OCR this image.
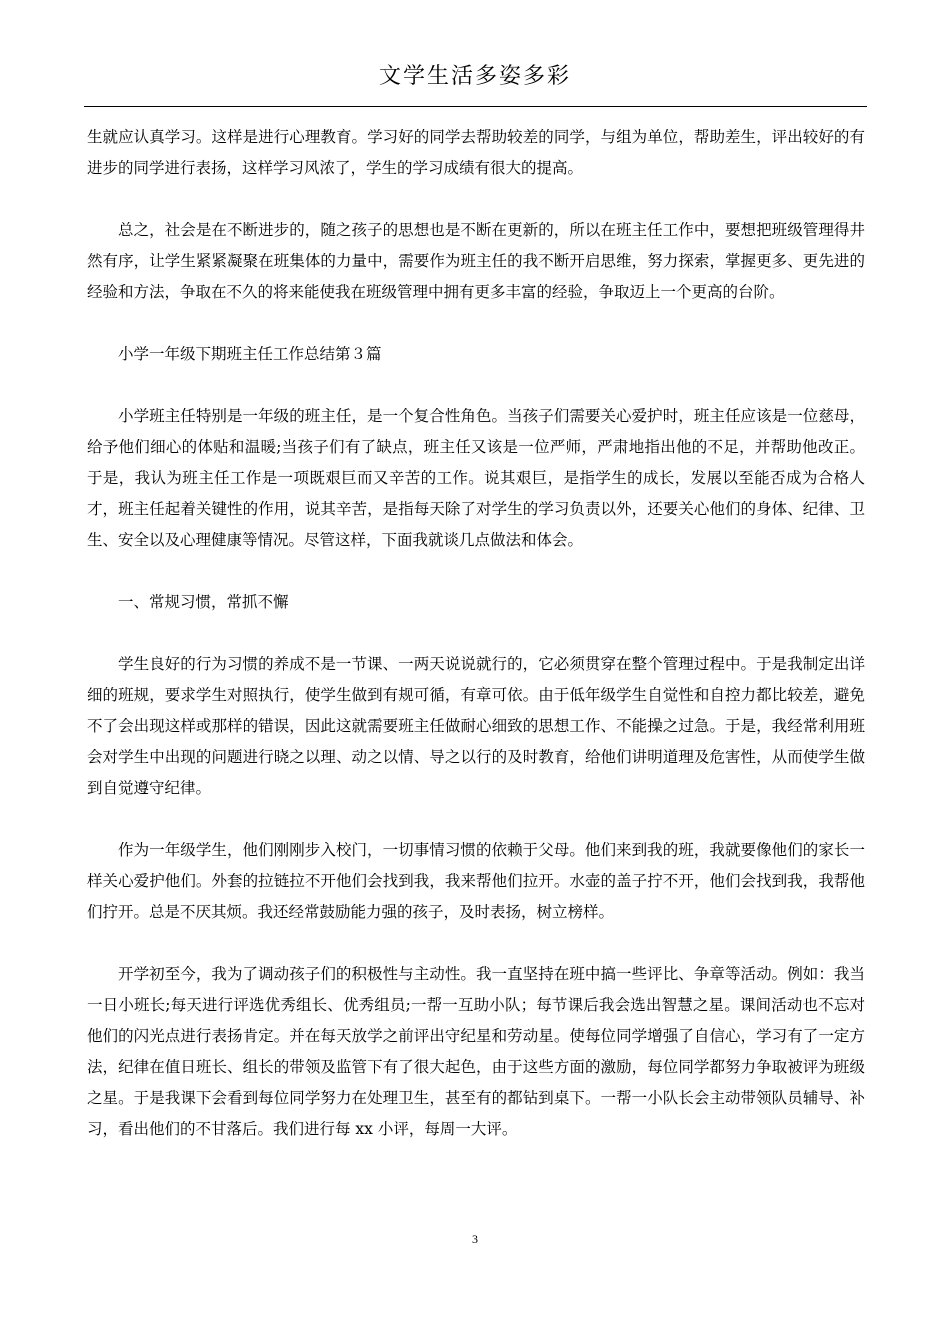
文学生活多姿多彩

生就应认真学习。这样是进行心理教育。学习好的同学去帮助较差的同学，与组为单位，帮助差生，评出较好的有进步的同学进行表扬，这样学习风浓了，学生的学习成绩有很大的提高。

总之，社会是在不断进步的，随之孩子的思想也是不断在更新的，所以在班主任工作中，要想把班级管理得井然有序，让学生紧紧凝聚在班集体的力量中，需要作为班主任的我不断开启思维，努力探索，掌握更多、更先进的经验和方法，争取在不久的将来能使我在班级管理中拥有更多丰富的经验，争取迈上一个更高的台阶。

小学一年级下期班主任工作总结第３篇

小学班主任特别是一年级的班主任，是一个复合性角色。当孩子们需要关心爱护时，班主任应该是一位慈母，给予他们细心的体贴和温暖;当孩子们有了缺点，班主任又该是一位严师，严肃地指出他的不足，并帮助他改正。于是，我认为班主任工作是一项既艰巨而又辛苦的工作。说其艰巨，是指学生的成长，发展以至能否成为合格人才，班主任起着关键性的作用，说其辛苦，是指每天除了对学生的学习负责以外，还要关心他们的身体、纪律、卫生、安全以及心理健康等情况。尽管这样，下面我就谈几点做法和体会。

一、常规习惯，常抓不懈

学生良好的行为习惯的养成不是一节课、一两天说说就行的，它必须贯穿在整个管理过程中。于是我制定出详细的班规，要求学生对照执行，使学生做到有规可循，有章可依。由于低年级学生自觉性和自控力都比较差，避免不了会出现这样或那样的错误，因此这就需要班主任做耐心细致的思想工作、不能操之过急。于是，我经常利用班会对学生中出现的问题进行晓之以理、动之以情、导之以行的及时教育，给他们讲明道理及危害性，从而使学生做到自觉遵守纪律。

作为一年级学生，他们刚刚步入校门，一切事情习惯的依赖于父母。他们来到我的班，我就要像他们的家长一样关心爱护他们。外套的拉链拉不开他们会找到我，我来帮他们拉开。水壶的盖子拧不开，他们会找到我，我帮他们拧开。总是不厌其烦。我还经常鼓励能力强的孩子，及时表扬，树立榜样。

开学初至今，我为了调动孩子们的积极性与主动性。我一直坚持在班中搞一些评比、争章等活动。例如：我当一日小班长;每天进行评选优秀组长、优秀组员;一帮一互助小队；每节课后我会选出智慧之星。课间活动也不忘对他们的闪光点进行表扬肯定。并在每天放学之前评出守纪星和劳动星。使每位同学增强了自信心，学习有了一定方法，纪律在值日班长、组长的带领及监管下有了很大起色，由于这些方面的激励，每位同学都努力争取被评为班级之星。于是我课下会看到每位同学努力在处理卫生，甚至有的都钻到桌下。一帮一小队长会主动带领队员辅导、补习，看出他们的不甘落后。我们进行每 xx 小评，每周一大评。

3
